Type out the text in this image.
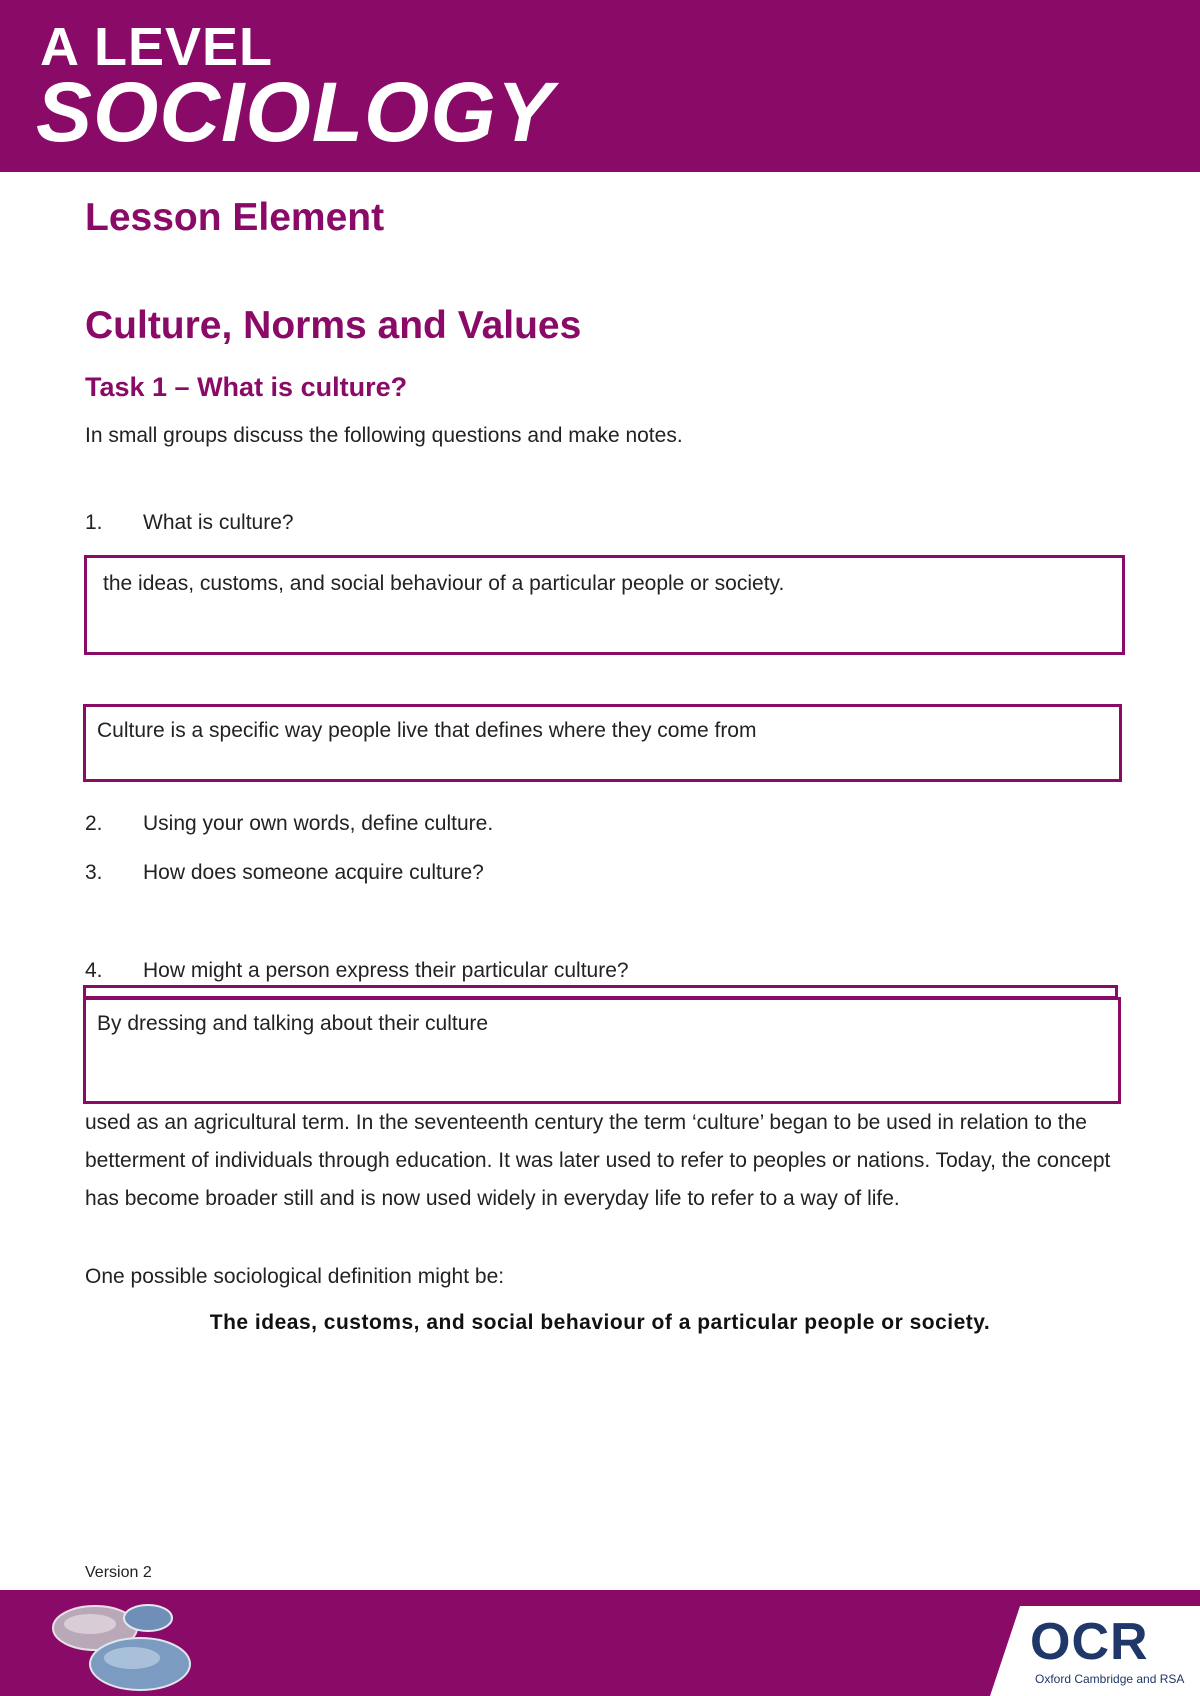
A LEVEL
SOCIOLOGY
Lesson Element
Culture, Norms and Values
Task 1 – What is culture?
In small groups discuss the following questions and make notes.
1. What is culture?
the ideas, customs, and social behaviour of a particular people or society.
Culture is a specific way people live that defines where they come from
2. Using your own words, define culture.
3. How does someone acquire culture?
4. How might a person express their particular culture?
By dressing and talking about their culture
used as an agricultural term. In the seventeenth century the term ‘culture’ began to be used in relation to the betterment of individuals through education. It was later used to refer to peoples or nations. Today, the concept has become broader still and is now used widely in everyday life to refer to a way of life.
One possible sociological definition might be:
The ideas, customs, and social behaviour of a particular people or society.
Version 2
OCR
Oxford Cambridge and RSA
